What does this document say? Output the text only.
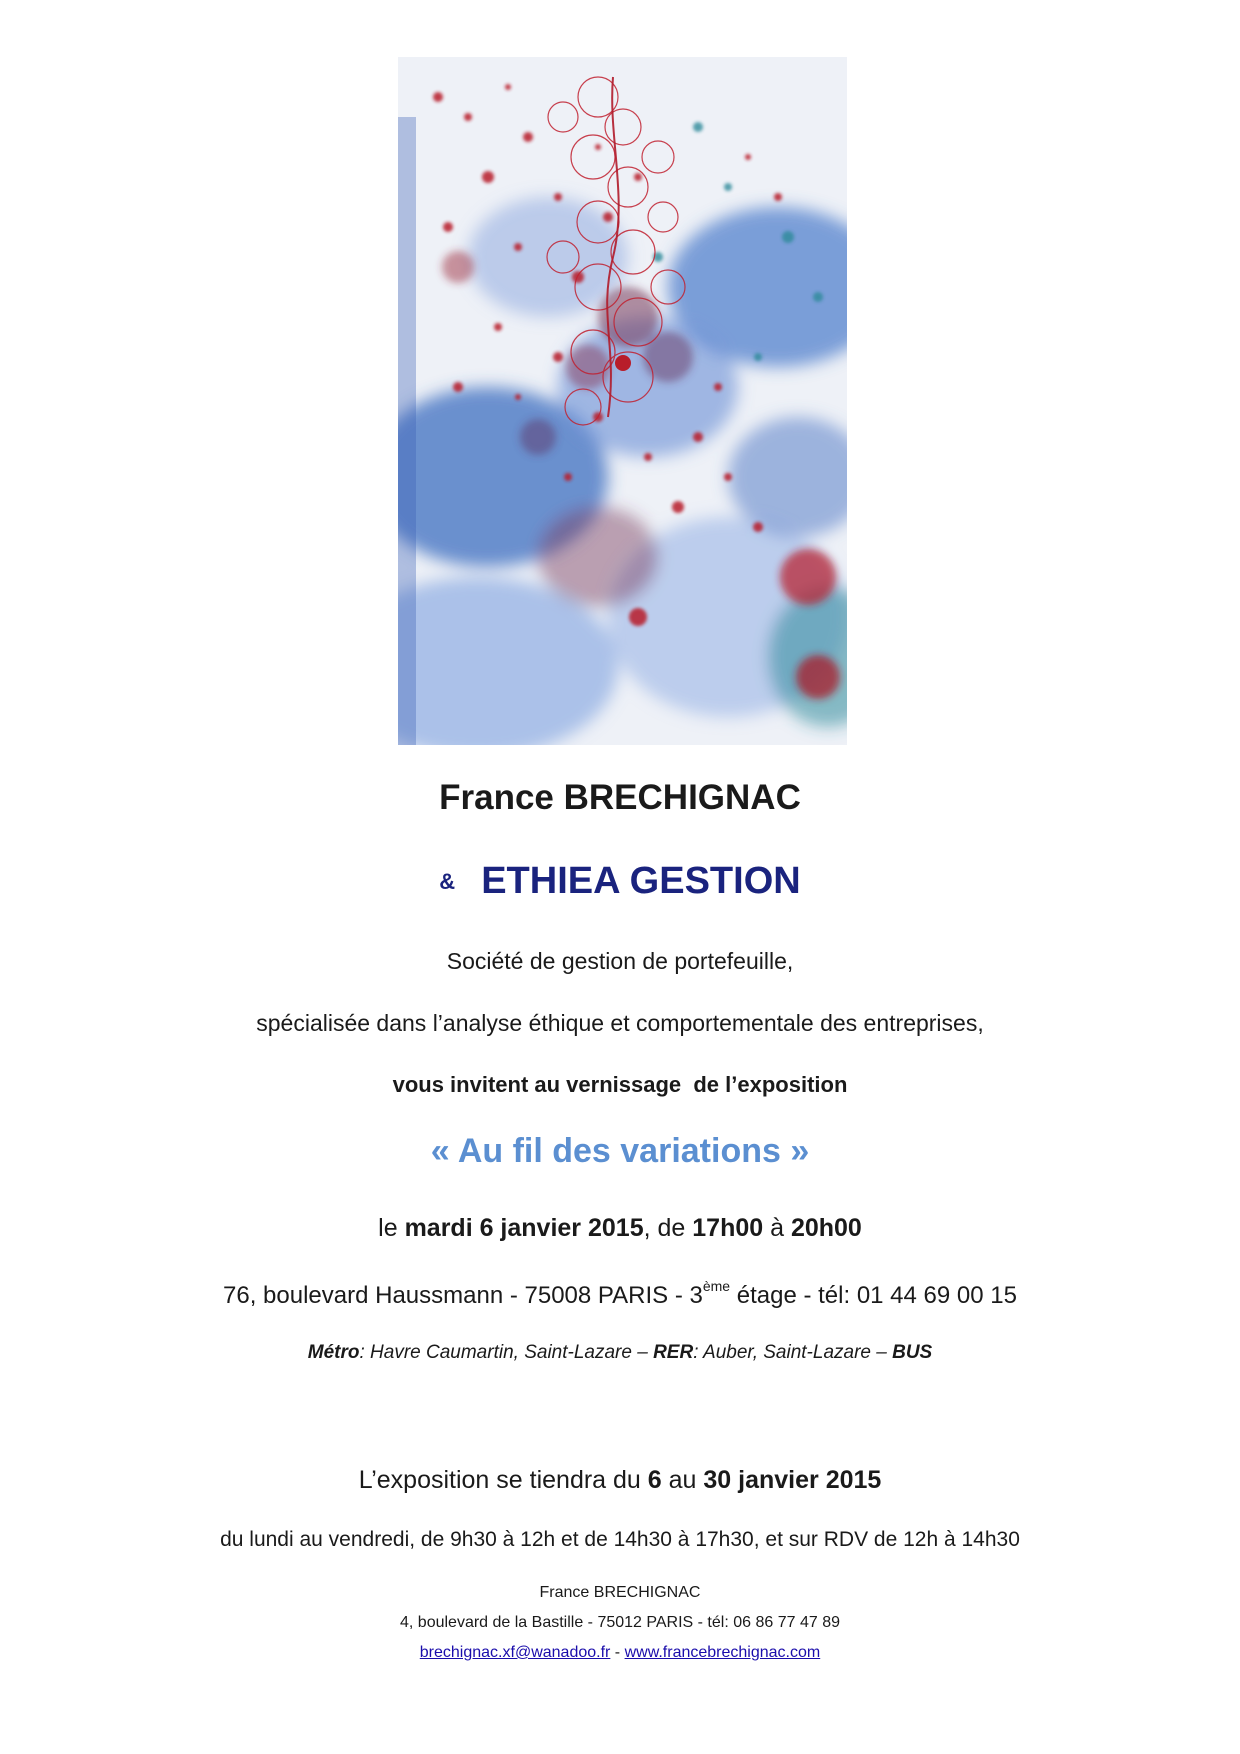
France BRECHIGNAC
& ETHIEA GESTION
Société de gestion de portefeuille,
spécialisée dans l’analyse éthique et comportementale des entreprises,
vous invitent au vernissage  de l’exposition
« Au fil des variations »
le mardi 6 janvier 2015, de 17h00 à 20h00
76, boulevard Haussmann - 75008 PARIS - 3ème étage - tél: 01 44 69 00 15
Métro: Havre Caumartin, Saint-Lazare – RER: Auber, Saint-Lazare – BUS
L’exposition se tiendra du 6 au 30 janvier 2015
du lundi au vendredi, de 9h30 à 12h et de 14h30 à 17h30, et sur RDV de 12h à 14h30
France BRECHIGNAC
4, boulevard de la Bastille - 75012 PARIS - tél: 06 86 77 47 89
brechignac.xf@wanadoo.fr - www.francebrechignac.com
